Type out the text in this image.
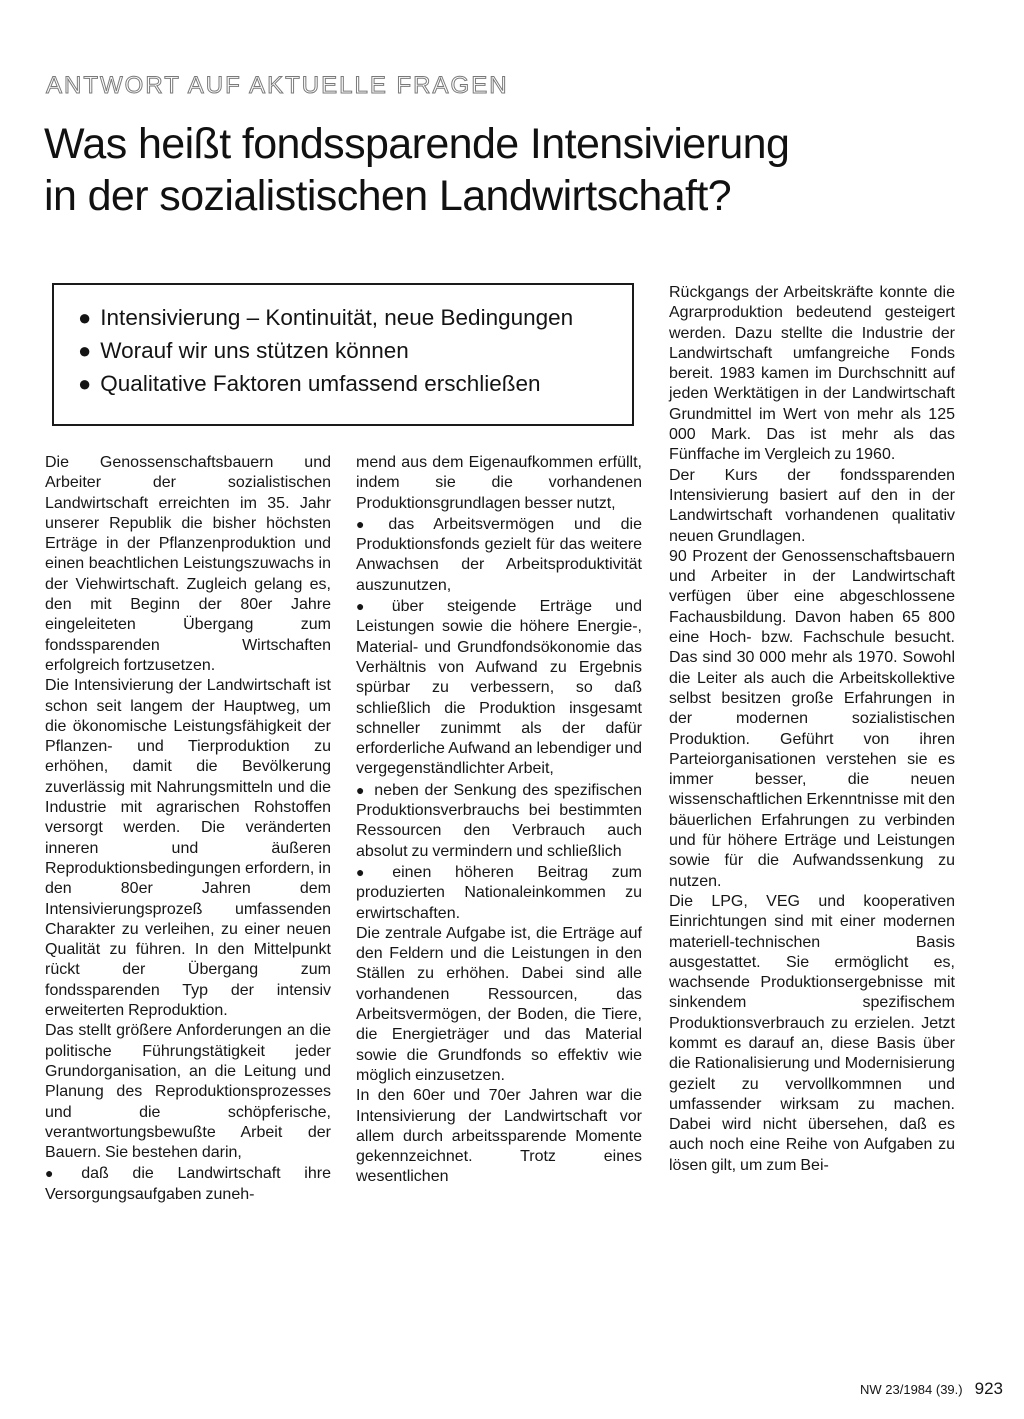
ANTWORT AUF AKTUELLE FRAGEN
Was heißt fondssparende Intensivierung
in der sozialistischen Landwirtschaft?
● Intensivierung – Kontinuität, neue Bedingungen
● Worauf wir uns stützen können
● Qualitative Faktoren umfassend erschließen

Die Genossenschaftsbauern und Arbeiter der sozialistischen Landwirtschaft erreichten im 35. Jahr unserer Republik die bisher höchsten Erträge in der Pflanzenproduktion und einen beachtlichen Leistungszuwachs in der Viehwirtschaft. Zugleich gelang es, den mit Beginn der 80er Jahre eingeleiteten Übergang zum fondssparenden Wirtschaften erfolgreich fortzusetzen.

Die Intensivierung der Landwirtschaft ist schon seit langem der Hauptweg, um die ökonomische Leistungsfähigkeit der Pflanzen- und Tierproduktion zu erhöhen, damit die Bevölkerung zuverlässig mit Nahrungsmitteln und die Industrie mit agrarischen Rohstoffen versorgt werden. Die veränderten inneren und äußeren Reproduktionsbedingungen erfordern, in den 80er Jahren dem Intensivierungsprozeß umfassenden Charakter zu verleihen, zu einer neuen Qualität zu führen. In den Mittelpunkt rückt der Übergang zum fondssparenden Typ der intensiv erweiterten Reproduktion.

Das stellt größere Anforderungen an die politische Führungstätigkeit jeder Grundorganisation, an die Leitung und Planung des Reproduktionsprozesses und die schöpferische, verantwortungsbewußte Arbeit der Bauern. Sie bestehen darin,

● daß die Landwirtschaft ihre Versorgungsaufgaben zuneh-

mend aus dem Eigenaufkommen erfüllt, indem sie die vorhandenen Produktionsgrundlagen besser nutzt,

● das Arbeitsvermögen und die Produktionsfonds gezielt für das weitere Anwachsen der Arbeitsproduktivität auszunutzen,

● über steigende Erträge und Leistungen sowie die höhere Energie-, Material- und Grundfondsökonomie das Verhältnis von Aufwand zu Ergebnis spürbar zu verbessern, so daß schließlich die Produktion insgesamt schneller zunimmt als der dafür erforderliche Aufwand an lebendiger und vergegenständlichter Arbeit,

● neben der Senkung des spezifischen Produktionsverbrauchs bei bestimmten Ressourcen den Verbrauch auch absolut zu vermindern und schließlich

● einen höheren Beitrag zum produzierten Nationaleinkommen zu erwirtschaften.

Die zentrale Aufgabe ist, die Erträge auf den Feldern und die Leistungen in den Ställen zu erhöhen. Dabei sind alle vorhandenen Ressourcen, das Arbeitsvermögen, der Boden, die Tiere, die Energieträger und das Material sowie die Grundfonds so effektiv wie möglich einzusetzen.

In den 60er und 70er Jahren war die Intensivierung der Landwirtschaft vor allem durch arbeitssparende Momente gekennzeichnet. Trotz eines wesentlichen

Rückgangs der Arbeitskräfte konnte die Agrarproduktion bedeutend gesteigert werden. Dazu stellte die Industrie der Landwirtschaft umfangreiche Fonds bereit. 1983 kamen im Durchschnitt auf jeden Werktätigen in der Landwirtschaft Grundmittel im Wert von mehr als 125 000 Mark. Das ist mehr als das Fünffache im Vergleich zu 1960.

Der Kurs der fondssparenden Intensivierung basiert auf den in der Landwirtschaft vorhandenen qualitativ neuen Grundlagen.

90 Prozent der Genossenschaftsbauern und Arbeiter in der Landwirtschaft verfügen über eine abgeschlossene Fachausbildung. Davon haben 65 800 eine Hoch- bzw. Fachschule besucht. Das sind 30 000 mehr als 1970. Sowohl die Leiter als auch die Arbeitskollektive selbst besitzen große Erfahrungen in der modernen sozialistischen Produktion. Geführt von ihren Parteiorganisationen verstehen sie es immer besser, die neuen wissenschaftlichen Erkenntnisse mit den bäuerlichen Erfahrungen zu verbinden und für höhere Erträge und Leistungen sowie für die Aufwandssenkung zu nutzen.

Die LPG, VEG und kooperativen Einrichtungen sind mit einer modernen materiell-technischen Basis ausgestattet. Sie ermöglicht es, wachsende Produktionsergebnisse mit sinkendem spezifischem Produktionsverbrauch zu erzielen. Jetzt kommt es darauf an, diese Basis über die Rationalisierung und Modernisierung gezielt zu vervollkommnen und umfassender wirksam zu machen. Dabei wird nicht übersehen, daß es auch noch eine Reihe von Aufgaben zu lösen gilt, um zum Bei-

NW 23/1984 (39.) 923
